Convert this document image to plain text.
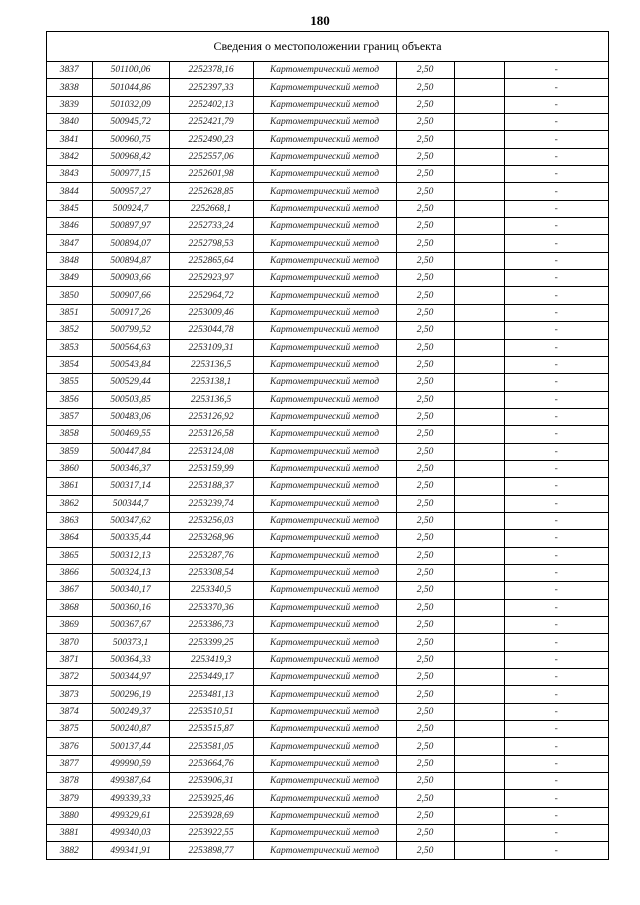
180
Сведения о местоположении границ объекта
3837	501100,06	2252378,16	Картометрический метод	2,50		-
3838	501044,86	2252397,33	Картометрический метод	2,50		-
3839	501032,09	2252402,13	Картометрический метод	2,50		-
3840	500945,72	2252421,79	Картометрический метод	2,50		-
3841	500960,75	2252490,23	Картометрический метод	2,50		-
3842	500968,42	2252557,06	Картометрический метод	2,50		-
3843	500977,15	2252601,98	Картометрический метод	2,50		-
3844	500957,27	2252628,85	Картометрический метод	2,50		-
3845	500924,7	2252668,1	Картометрический метод	2,50		-
3846	500897,97	2252733,24	Картометрический метод	2,50		-
3847	500894,07	2252798,53	Картометрический метод	2,50		-
3848	500894,87	2252865,64	Картометрический метод	2,50		-
3849	500903,66	2252923,97	Картометрический метод	2,50		-
3850	500907,66	2252964,72	Картометрический метод	2,50		-
3851	500917,26	2253009,46	Картометрический метод	2,50		-
3852	500799,52	2253044,78	Картометрический метод	2,50		-
3853	500564,63	2253109,31	Картометрический метод	2,50		-
3854	500543,84	2253136,5	Картометрический метод	2,50		-
3855	500529,44	2253138,1	Картометрический метод	2,50		-
3856	500503,85	2253136,5	Картометрический метод	2,50		-
3857	500483,06	2253126,92	Картометрический метод	2,50		-
3858	500469,55	2253126,58	Картометрический метод	2,50		-
3859	500447,84	2253124,08	Картометрический метод	2,50		-
3860	500346,37	2253159,99	Картометрический метод	2,50		-
3861	500317,14	2253188,37	Картометрический метод	2,50		-
3862	500344,7	2253239,74	Картометрический метод	2,50		-
3863	500347,62	2253256,03	Картометрический метод	2,50		-
3864	500335,44	2253268,96	Картометрический метод	2,50		-
3865	500312,13	2253287,76	Картометрический метод	2,50		-
3866	500324,13	2253308,54	Картометрический метод	2,50		-
3867	500340,17	2253340,5	Картометрический метод	2,50		-
3868	500360,16	2253370,36	Картометрический метод	2,50		-
3869	500367,67	2253386,73	Картометрический метод	2,50		-
3870	500373,1	2253399,25	Картометрический метод	2,50		-
3871	500364,33	2253419,3	Картометрический метод	2,50		-
3872	500344,97	2253449,17	Картометрический метод	2,50		-
3873	500296,19	2253481,13	Картометрический метод	2,50		-
3874	500249,37	2253510,51	Картометрический метод	2,50		-
3875	500240,87	2253515,87	Картометрический метод	2,50		-
3876	500137,44	2253581,05	Картометрический метод	2,50		-
3877	499990,59	2253664,76	Картометрический метод	2,50		-
3878	499387,64	2253906,31	Картометрический метод	2,50		-
3879	499339,33	2253925,46	Картометрический метод	2,50		-
3880	499329,61	2253928,69	Картометрический метод	2,50		-
3881	499340,03	2253922,55	Картометрический метод	2,50		-
3882	499341,91	2253898,77	Картометрический метод	2,50		-
